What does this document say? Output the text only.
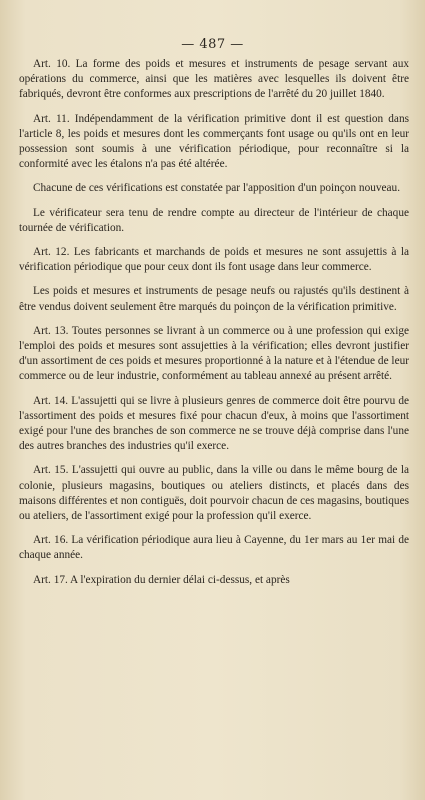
— 487 —

Art. 10. La forme des poids et mesures et instruments de pesage servant aux opérations du commerce, ainsi que les matières avec lesquelles ils doivent être fabriqués, devront être conformes aux prescriptions de l'arrêté du 20 juillet 1840.

Art. 11. Indépendamment de la vérification primitive dont il est question dans l'article 8, les poids et mesures dont les commerçants font usage ou qu'ils ont en leur possession sont soumis à une vérification périodique, pour reconnaître si la conformité avec les étalons n'a pas été altérée.

Chacune de ces vérifications est constatée par l'apposition d'un poinçon nouveau.

Le vérificateur sera tenu de rendre compte au directeur de l'intérieur de chaque tournée de vérification.

Art. 12. Les fabricants et marchands de poids et mesures ne sont assujettis à la vérification périodique que pour ceux dont ils font usage dans leur commerce.

Les poids et mesures et instruments de pesage neufs ou rajustés qu'ils destinent à être vendus doivent seulement être marqués du poinçon de la vérification primitive.

Art. 13. Toutes personnes se livrant à un commerce ou à une profession qui exige l'emploi des poids et mesures sont assujetties à la vérification; elles devront justifier d'un assortiment de ces poids et mesures proportionné à la nature et à l'étendue de leur commerce ou de leur industrie, conformément au tableau annexé au présent arrêté.

Art. 14. L'assujetti qui se livre à plusieurs genres de commerce doit être pourvu de l'assortiment des poids et mesures fixé pour chacun d'eux, à moins que l'assortiment exigé pour l'une des branches de son commerce ne se trouve déjà comprise dans l'une des autres branches des industries qu'il exerce.

Art. 15. L'assujetti qui ouvre au public, dans la ville ou dans le même bourg de la colonie, plusieurs magasins, boutiques ou ateliers distincts, et placés dans des maisons différentes et non contiguës, doit pourvoir chacun de ces magasins, boutiques ou ateliers, de l'assortiment exigé pour la profession qu'il exerce.

Art. 16. La vérification périodique aura lieu à Cayenne, du 1er mars au 1er mai de chaque année.

Art. 17. A l'expiration du dernier délai ci-dessus, et après
